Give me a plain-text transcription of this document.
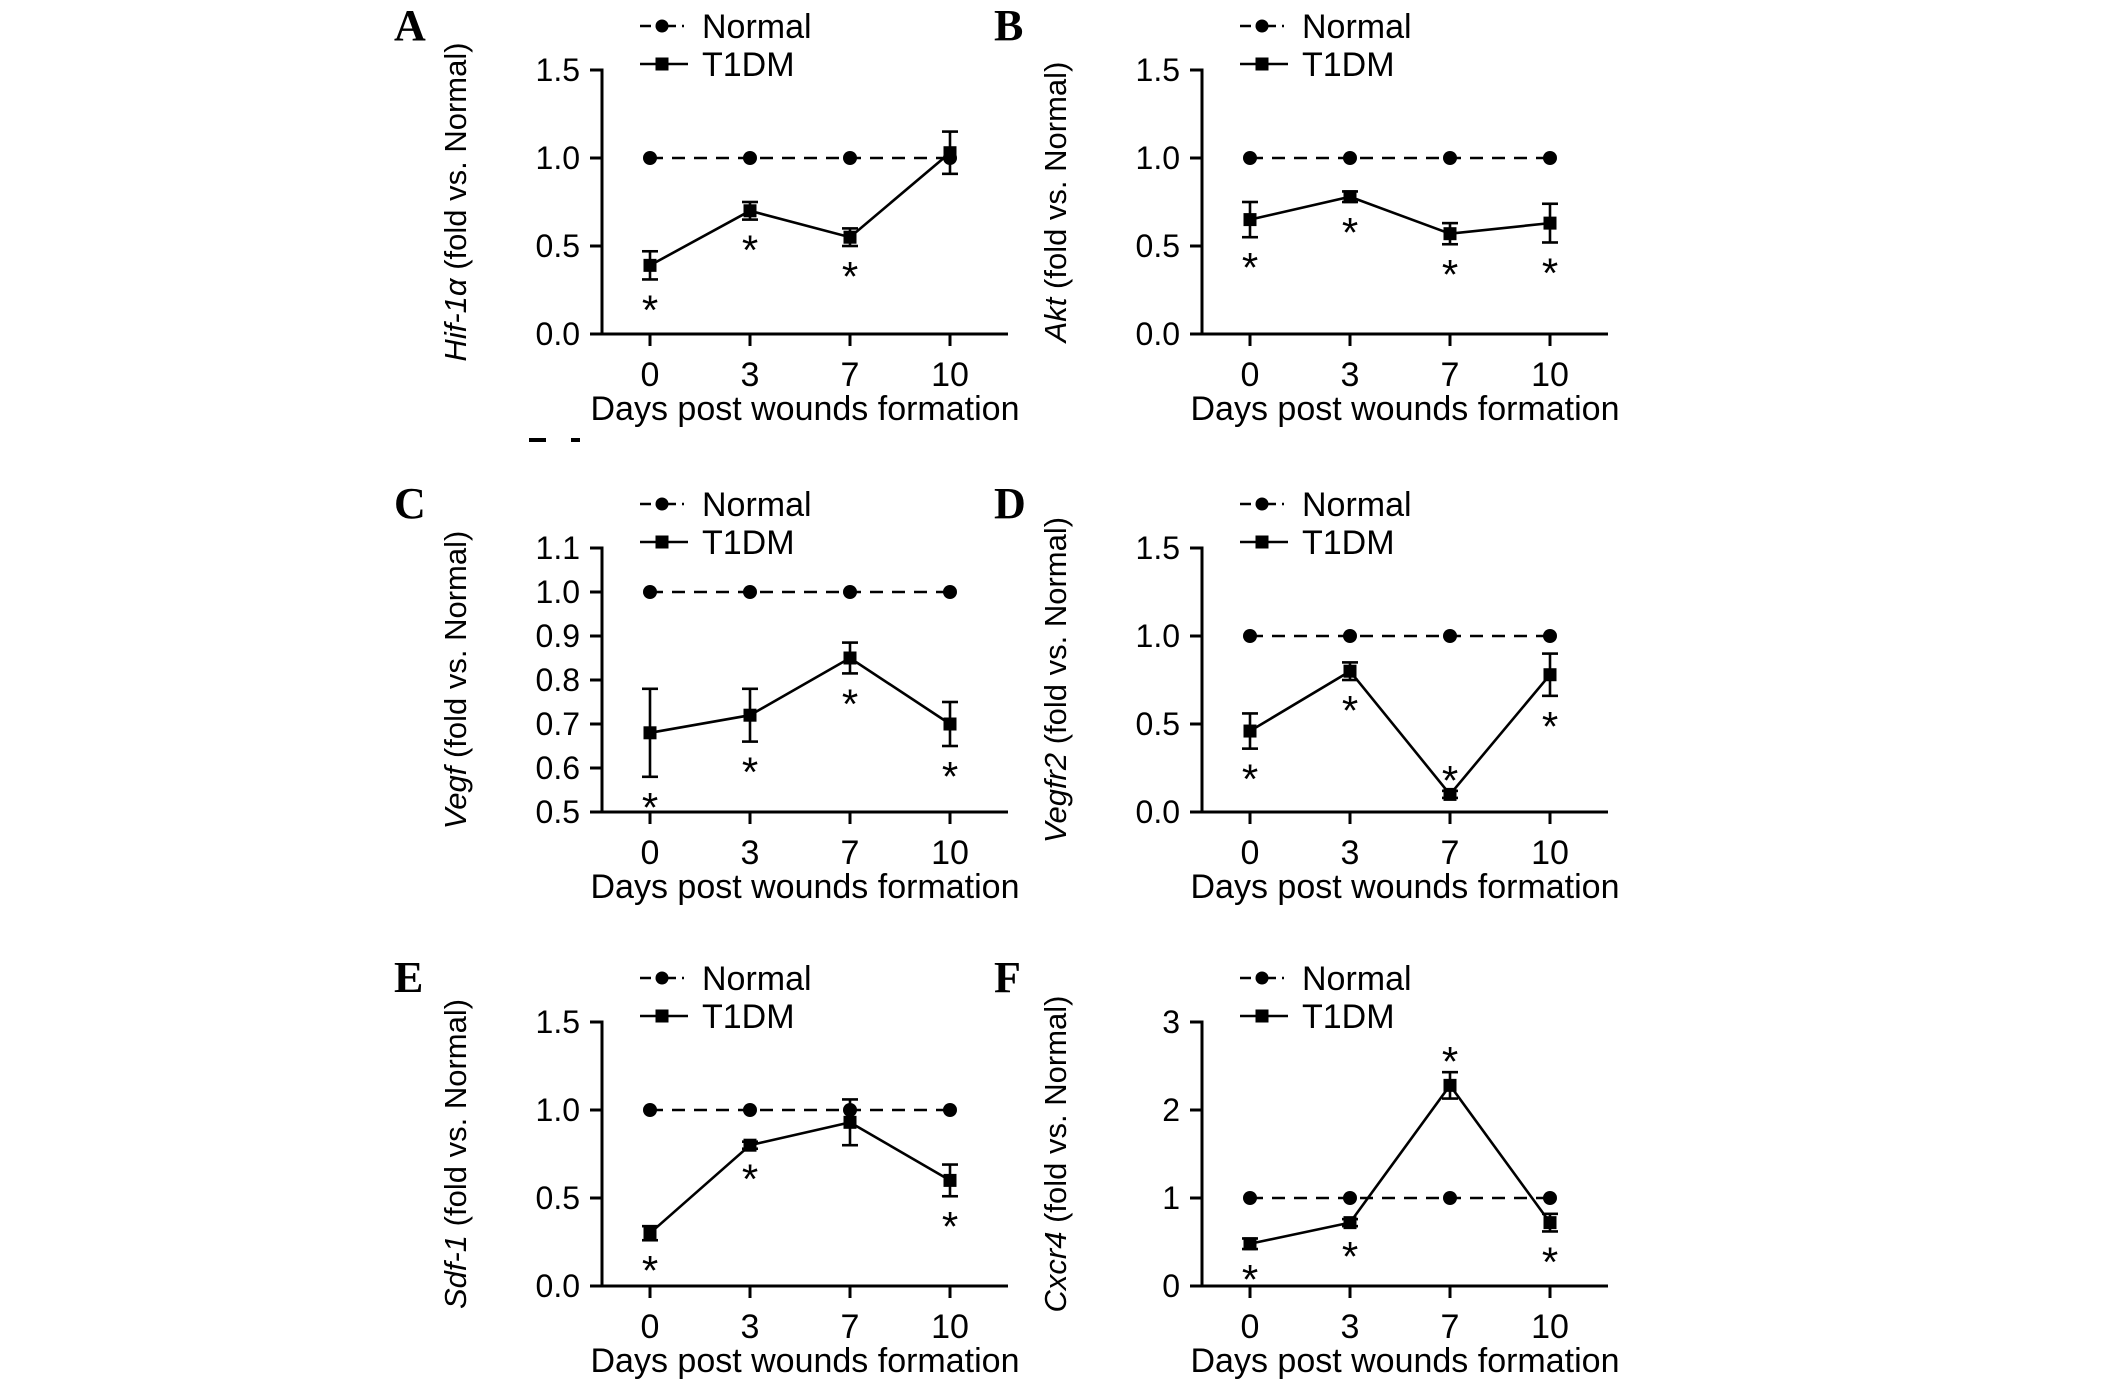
A
0.0
0.5
1.0
1.5
0 3 7 10
Days post wounds formation
Hif-1α (fold vs. Normal)
Normal
T1DM
*
*
*
B
0.0
0.5
1.0
1.5
0 3 7 10
Days post wounds formation
Akt (fold vs. Normal)
Normal
T1DM
*
*
* *
C
0.5
0.6
0.7
0.8
0.9
1.0
1.1
0 3 7 10
Days post wounds formation
Vegf (fold vs. Normal)
Normal
T1DM
*
*
*
*
D
0.0
0.5
1.0
1.5
0 3 7 10
Days post wounds formation
Vegfr2 (fold vs. Normal)
Normal
T1DM
*
*
*
*
E
0.0
0.5
1.0
1.5
0 3 7 10
Days post wounds formation
Sdf-1 (fold vs. Normal)
Normal
T1DM
*
*
*
F
0
1
2
3
0 3 7 10
Days post wounds formation
Cxcr4 (fold vs. Normal)
Normal
T1DM
* *
*
*
